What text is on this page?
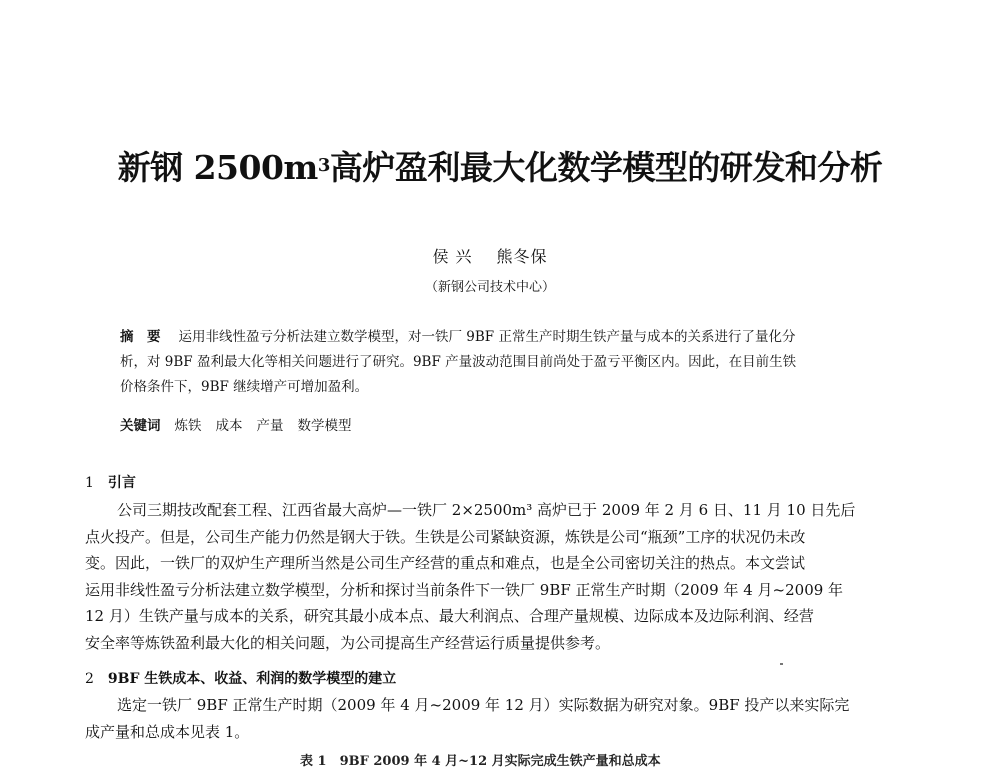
新钢 $2500m^3$高炉盈利最大化数学模型的研发和分析
侯 兴 熊冬保
（新钢公司技术中心）
摘　要 运用非线性盈亏分析法建立数学模型，对一铁厂 9BF 正常生产时期生铁产量与成本的关系进行了量化分
析，对 9BF 盈利最大化等相关问题进行了研究。9BF 产量波动范围目前尚处于盈亏平衡区内。因此，在目前生铁
价格条件下，9BF 继续增产可增加盈利。
关键词 炼铁 成本 产量 数学模型
1 引言
公司三期技改配套工程、江西省最大高炉—一铁厂 2×2500m³ 高炉已于 2009 年 2 月 6 日、11 月 10 日先后
点火投产。但是，公司生产能力仍然是钢大于铁。生铁是公司紧缺资源，炼铁是公司“瓶颈”工序的状况仍未改
变。因此，一铁厂的双炉生产理所当然是公司生产经营的重点和难点，也是全公司密切关注的热点。本文尝试
运用非线性盈亏分析法建立数学模型，分析和探讨当前条件下一铁厂 9BF 正常生产时期（2009 年 4 月~2009 年
12 月）生铁产量与成本的关系，研究其最小成本点、最大利润点、合理产量规模、边际成本及边际利润、经营
安全率等炼铁盈利最大化的相关问题，为公司提高生产经营运行质量提供参考。
2 9BF 生铁成本、收益、利润的数学模型的建立
选定一铁厂 9BF 正常生产时期（2009 年 4 月~2009 年 12 月）实际数据为研究对象。9BF 投产以来实际完
成产量和总成本见表 1。
表 1　9BF 2009 年 4 月~12 月实际完成生铁产量和总成本
